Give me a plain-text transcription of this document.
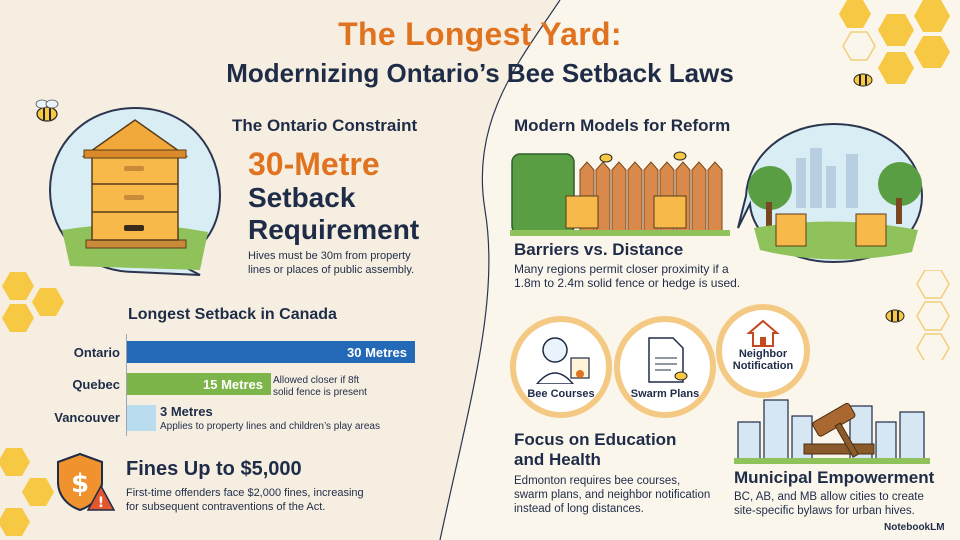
The Longest Yard:
Modernizing Ontario’s Bee Setback Laws
The Ontario Constraint
30-Metre
Setback
Requirement
Hives must be 30m from property
lines or places of public assembly.
Longest Setback in Canada
Ontario	30 Metres
Quebec	15 Metres Allowed closer if 8ft
solid fence is present
Vancouver	3 Metres
Applies to property lines and children’s play areas
$
!
Fines Up to $5,000
First-time offenders face $2,000 fines, increasing
for subsequent contraventions of the Act.
Modern Models for Reform
Barriers vs. Distance
Many regions permit closer proximity if a
1.8m to 2.4m solid fence or hedge is used.
Bee Courses	Swarm Plans
Neighbor
Notification
Focus on Education
and Health
Edmonton requires bee courses,
swarm plans, and neighbor notification
instead of long distances.
Municipal Empowerment
BC, AB, and MB allow cities to create
site-specific bylaws for urban hives.
NotebookLM
